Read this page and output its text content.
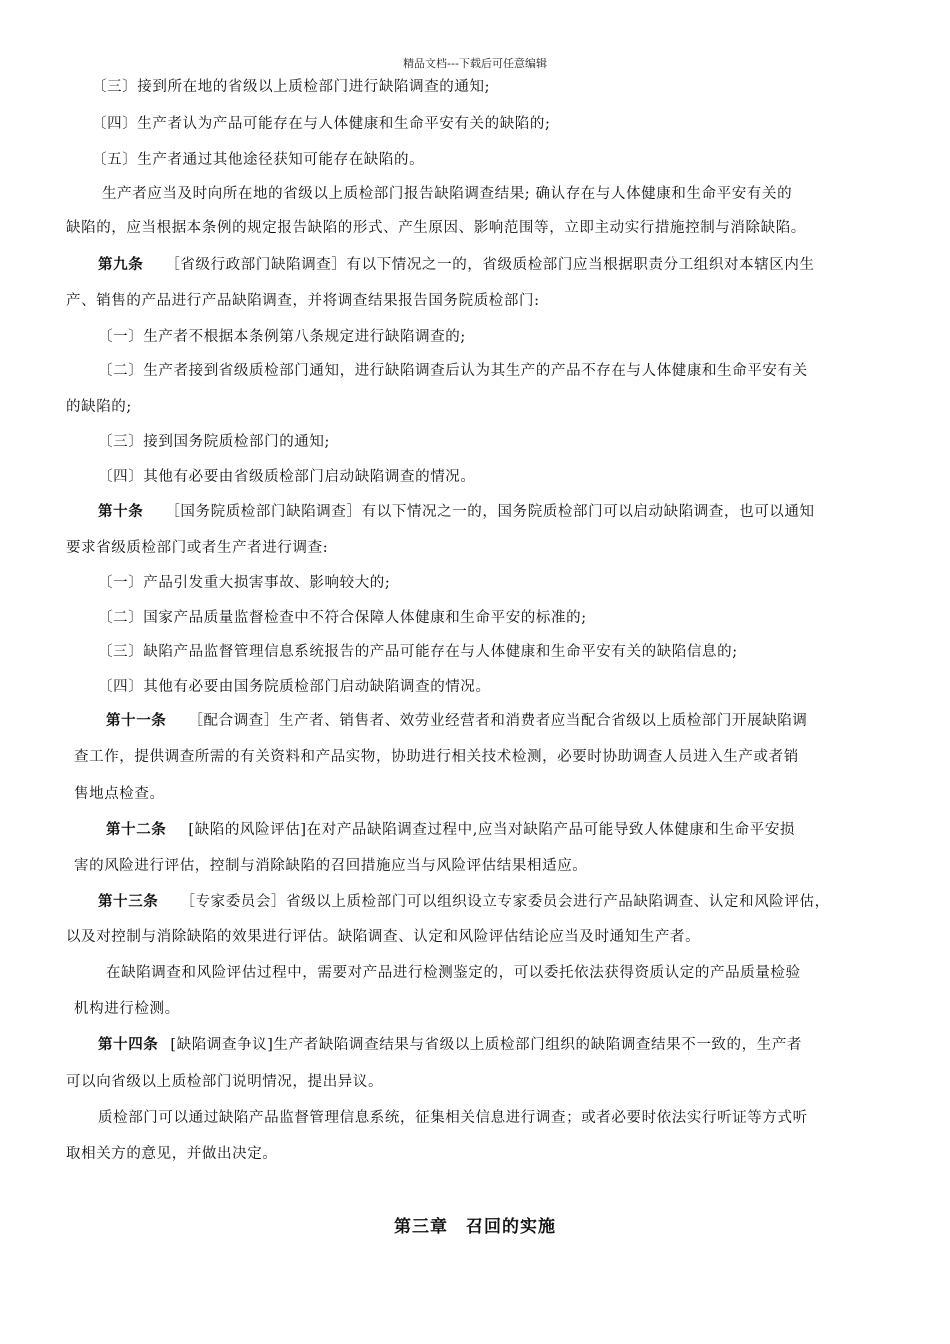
精品文档---下载后可任意编辑
〔三〕接到所在地的省级以上质检部门进行缺陷调查的通知;
〔四〕生产者认为产品可能存在与人体健康和生命平安有关的缺陷的;
〔五〕生产者通过其他途径获知可能存在缺陷的。
生产者应当及时向所在地的省级以上质检部门报告缺陷调查结果; 确认存在与人体健康和生命平安有关的
缺陷的，应当根据本条例的规定报告缺陷的形式、产生原因、影响范围等，立即主动实行措施控制与消除缺陷。
第九条 ［省级行政部门缺陷调查］有以下情况之一的，省级质检部门应当根据职责分工组织对本辖区内生
产、销售的产品进行产品缺陷调查，并将调查结果报告国务院质检部门:
〔一〕生产者不根据本条例第八条规定进行缺陷调查的;
〔二〕生产者接到省级质检部门通知，进行缺陷调查后认为其生产的产品不存在与人体健康和生命平安有关
的缺陷的;
〔三〕接到国务院质检部门的通知;
〔四〕其他有必要由省级质检部门启动缺陷调查的情况。
第十条 ［国务院质检部门缺陷调查］有以下情况之一的，国务院质检部门可以启动缺陷调查，也可以通知
要求省级质检部门或者生产者进行调查:
〔一〕产品引发重大损害事故、影响较大的;
〔二〕国家产品质量监督检查中不符合保障人体健康和生命平安的标准的;
〔三〕缺陷产品监督管理信息系统报告的产品可能存在与人体健康和生命平安有关的缺陷信息的;
〔四〕其他有必要由国务院质检部门启动缺陷调查的情况。
第十一条 ［配合调查］生产者、销售者、效劳业经营者和消费者应当配合省级以上质检部门开展缺陷调
查工作，提供调查所需的有关资料和产品实物，协助进行相关技术检测，必要时协助调查人员进入生产或者销
售地点检查。
第十二条 [缺陷的风险评估]在对产品缺陷调查过程中,应当对缺陷产品可能导致人体健康和生命平安损
害的风险进行评估，控制与消除缺陷的召回措施应当与风险评估结果相适应。
第十三条 ［专家委员会］省级以上质检部门可以组织设立专家委员会进行产品缺陷调查、认定和风险评估，
以及对控制与消除缺陷的效果进行评估。缺陷调查、认定和风险评估结论应当及时通知生产者。
在缺陷调查和风险评估过程中，需要对产品进行检测鉴定的，可以委托依法获得资质认定的产品质量检验
机构进行检测。
第十四条 [缺陷调查争议]生产者缺陷调查结果与省级以上质检部门组织的缺陷调查结果不一致的，生产者
可以向省级以上质检部门说明情况，提出异议。
质检部门可以通过缺陷产品监督管理信息系统，征集相关信息进行调查；或者必要时依法实行听证等方式听
取相关方的意见，并做出决定。
第三章　召回的实施
